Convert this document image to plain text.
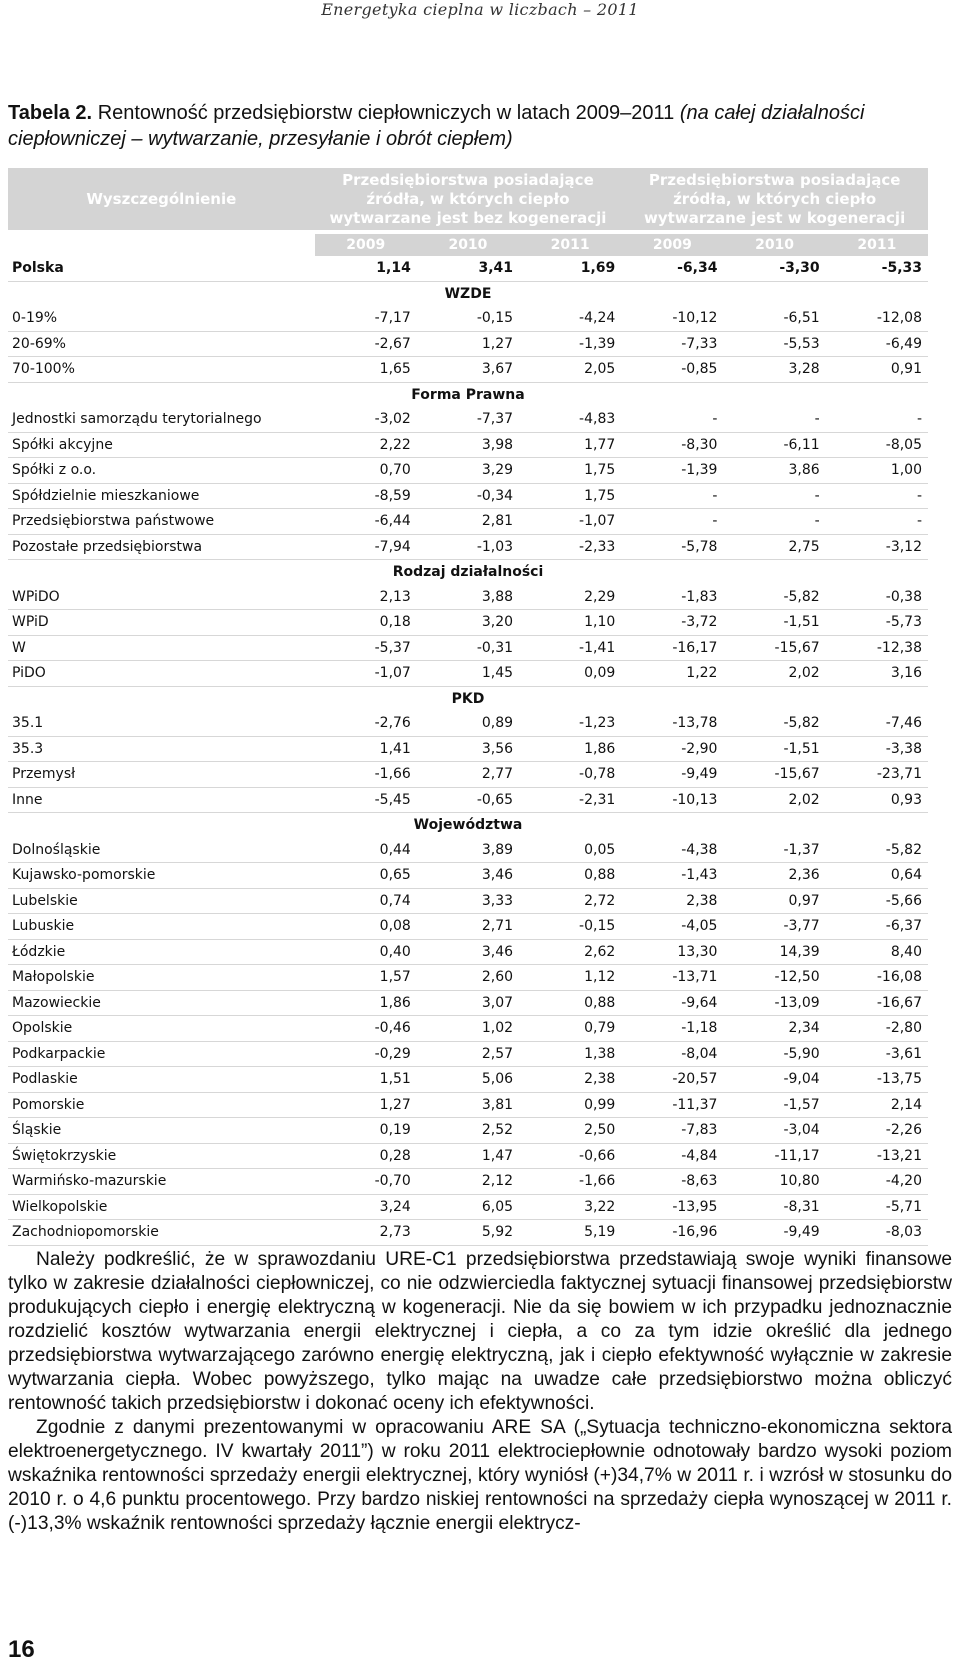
Energetyka cieplna w liczbach – 2011
Tabela 2. Rentowność przedsiębiorstw ciepłowniczych w latach 2009–2011 (na całej działalności ciepłowniczej – wytwarzanie, przesyłanie i obrót ciepłem)
Wyszczególnienie	Przedsiębiorstwa posiadające źródła, w których ciepło wytwarzane jest bez kogeneracji			Przedsiębiorstwa posiadające źródła, w których ciepło wytwarzane jest w kogeneracji		
	2009	2010	2011	2009	2010	2011
Polska	1,14	3,41	1,69	-6,34	-3,30	-5,33
WZDE						
0-19%	-7,17	-0,15	-4,24	-10,12	-6,51	-12,08
20-69%	-2,67	1,27	-1,39	-7,33	-5,53	-6,49
70-100%	1,65	3,67	2,05	-0,85	3,28	0,91
Forma Prawna						
Jednostki samorządu terytorialnego	-3,02	-7,37	-4,83	-	-	-
Spółki akcyjne	2,22	3,98	1,77	-8,30	-6,11	-8,05
Spółki z o.o.	0,70	3,29	1,75	-1,39	3,86	1,00
Spółdzielnie mieszkaniowe	-8,59	-0,34	1,75	-	-	-
Przedsiębiorstwa państwowe	-6,44	2,81	-1,07	-	-	-
Pozostałe przedsiębiorstwa	-7,94	-1,03	-2,33	-5,78	2,75	-3,12
Rodzaj działalności						
WPiDO	2,13	3,88	2,29	-1,83	-5,82	-0,38
WPiD	0,18	3,20	1,10	-3,72	-1,51	-5,73
W	-5,37	-0,31	-1,41	-16,17	-15,67	-12,38
PiDO	-1,07	1,45	0,09	1,22	2,02	3,16
PKD						
35.1	-2,76	0,89	-1,23	-13,78	-5,82	-7,46
35.3	1,41	3,56	1,86	-2,90	-1,51	-3,38
Przemysł	-1,66	2,77	-0,78	-9,49	-15,67	-23,71
Inne	-5,45	-0,65	-2,31	-10,13	2,02	0,93
Województwa						
Dolnośląskie	0,44	3,89	0,05	-4,38	-1,37	-5,82
Kujawsko-pomorskie	0,65	3,46	0,88	-1,43	2,36	0,64
Lubelskie	0,74	3,33	2,72	2,38	0,97	-5,66
Lubuskie	0,08	2,71	-0,15	-4,05	-3,77	-6,37
Łódzkie	0,40	3,46	2,62	13,30	14,39	8,40
Małopolskie	1,57	2,60	1,12	-13,71	-12,50	-16,08
Mazowieckie	1,86	3,07	0,88	-9,64	-13,09	-16,67
Opolskie	-0,46	1,02	0,79	-1,18	2,34	-2,80
Podkarpackie	-0,29	2,57	1,38	-8,04	-5,90	-3,61
Podlaskie	1,51	5,06	2,38	-20,57	-9,04	-13,75
Pomorskie	1,27	3,81	0,99	-11,37	-1,57	2,14
Śląskie	0,19	2,52	2,50	-7,83	-3,04	-2,26
Świętokrzyskie	0,28	1,47	-0,66	-4,84	-11,17	-13,21
Warmińsko-mazurskie	-0,70	2,12	-1,66	-8,63	10,80	-4,20
Wielkopolskie	3,24	6,05	3,22	-13,95	-8,31	-5,71
Zachodniopomorskie	2,73	5,92	5,19	-16,96	-9,49	-8,03

Należy podkreślić, że w sprawozdaniu URE-C1 przedsiębiorstwa przedstawiają swoje wyniki finansowe tylko w zakresie działalności ciepłowniczej, co nie odzwierciedla faktycznej sytuacji finansowej przedsiębiorstw produkujących ciepło i energię elektryczną w kogeneracji. Nie da się bowiem w ich przypadku jednoznacznie rozdzielić kosztów wytwarzania energii elektrycznej i ciepła, a co za tym idzie określić dla jednego przedsiębiorstwa wytwarzającego zarówno energię elektryczną, jak i ciepło efektywność wyłącznie w zakresie wytwarzania ciepła. Wobec powyższego, tylko mając na uwadze całe przedsiębiorstwo można obliczyć rentowność takich przedsiębiorstw i dokonać oceny ich efektywności.

Zgodnie z danymi prezentowanymi w opracowaniu ARE SA („Sytuacja techniczno-ekonomiczna sektora elektroenergetycznego. IV kwartały 2011”) w roku 2011 elektrociepłownie odnotowały bardzo wysoki poziom wskaźnika rentowności sprzedaży energii elektrycznej, który wyniósł (+)34,7% w 2011 r. i wzrósł w stosunku do 2010 r. o 4,6 punktu procentowego. Przy bardzo niskiej rentowności na sprzedaży ciepła wynoszącej w 2011 r. (-)13,3% wskaźnik rentowności sprzedaży łącznie energii elektrycz-

16
